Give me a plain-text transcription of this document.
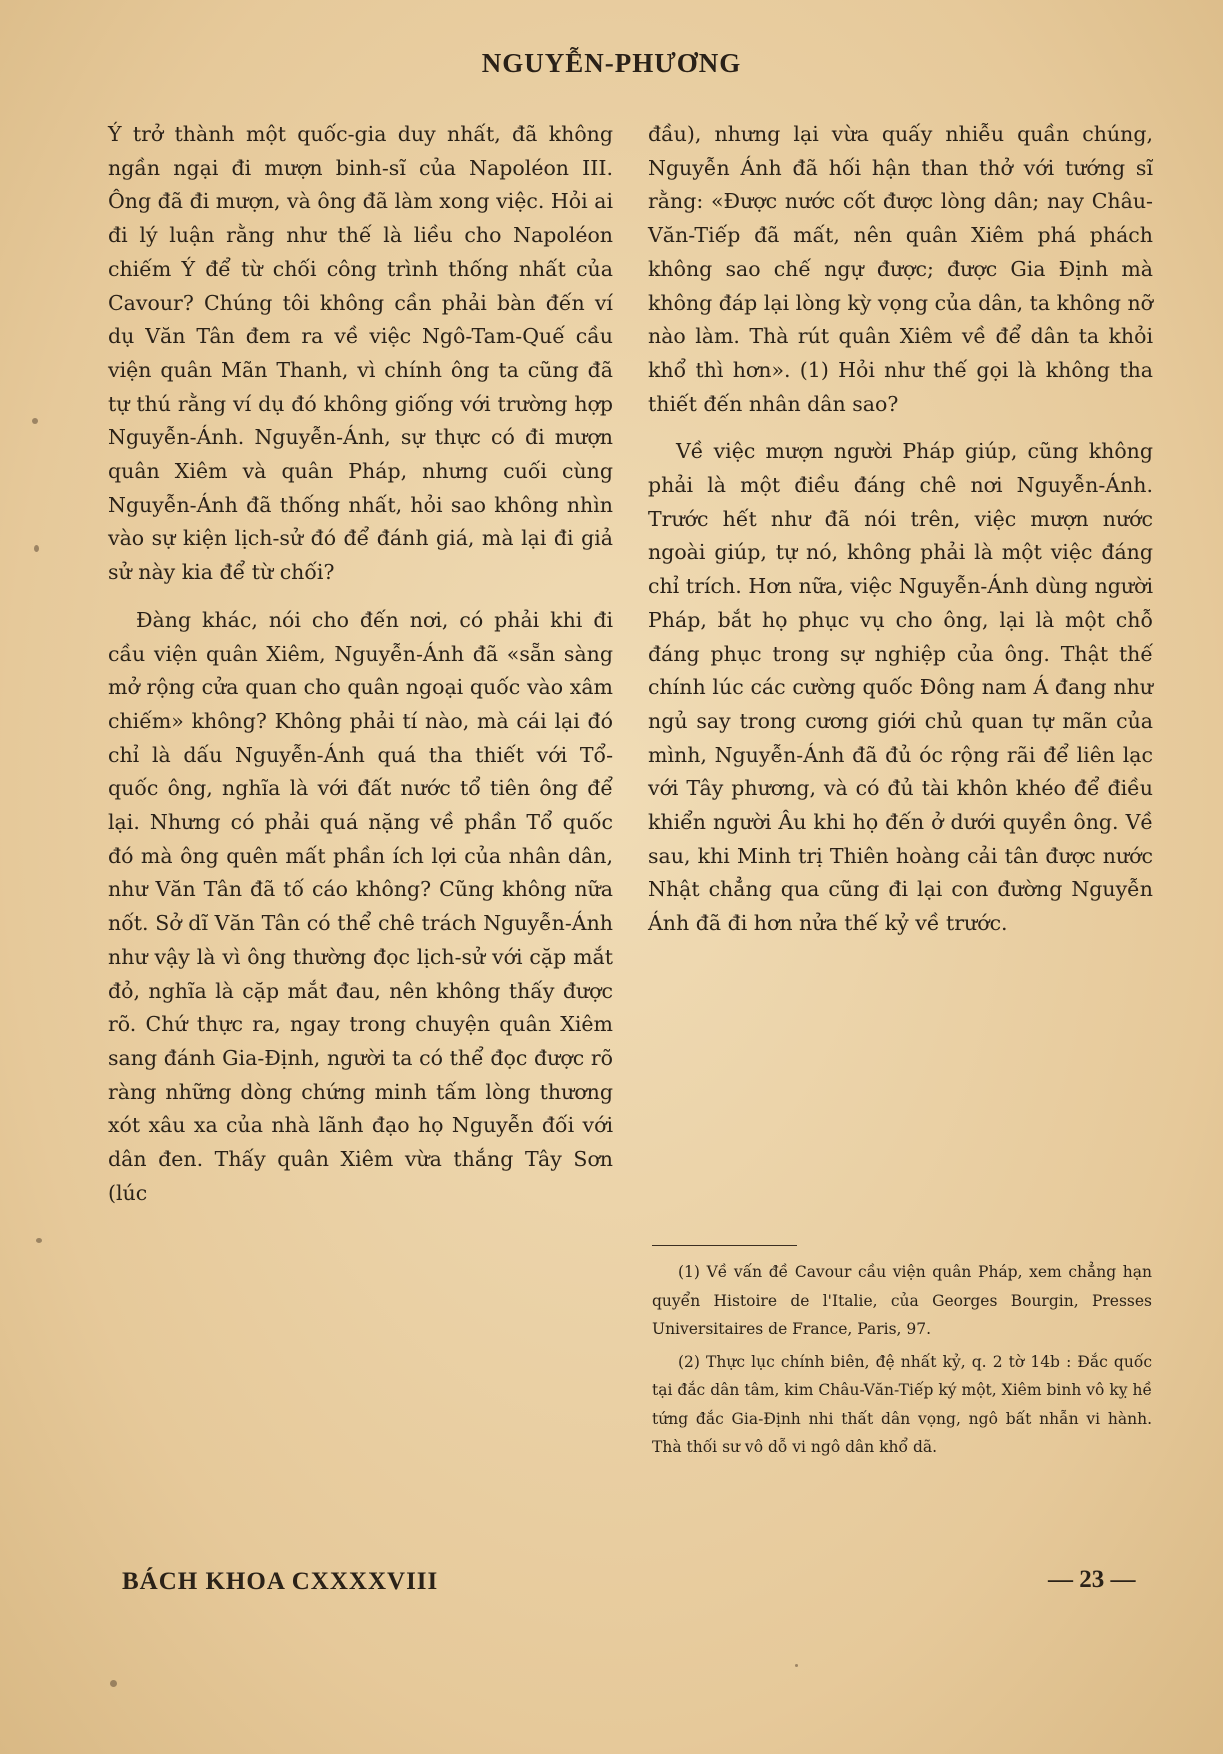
NGUYỄN-PHƯƠNG

Ý trở thành một quốc-gia duy nhất, đã không ngần ngại đi mượn binh-sĩ của Napoléon III. Ông đã đi mượn, và ông đã làm xong việc. Hỏi ai đi lý luận rằng như thế là liều cho Napoléon chiếm Ý để từ chối công trình thống nhất của Cavour? Chúng tôi không cần phải bàn đến ví dụ Văn Tân đem ra về việc Ngô-Tam-Quế cầu viện quân Mãn Thanh, vì chính ông ta cũng đã tự thú rằng ví dụ đó không giống với trường hợp Nguyễn-Ánh. Nguyễn-Ánh, sự thực có đi mượn quân Xiêm và quân Pháp, nhưng cuối cùng Nguyễn-Ánh đã thống nhất, hỏi sao không nhìn vào sự kiện lịch-sử đó để đánh giá, mà lại đi giả sử này kia để từ chối?

Đàng khác, nói cho đến nơi, có phải khi đi cầu viện quân Xiêm, Nguyễn-Ánh đã «sẵn sàng mở rộng cửa quan cho quân ngoại quốc vào xâm chiếm» không? Không phải tí nào, mà cái lại đó chỉ là dấu Nguyễn-Ánh quá tha thiết với Tổ-quốc ông, nghĩa là với đất nước tổ tiên ông để lại. Nhưng có phải quá nặng về phần Tổ quốc đó mà ông quên mất phần ích lợi của nhân dân, như Văn Tân đã tố cáo không? Cũng không nữa nốt. Sở dĩ Văn Tân có thể chê trách Nguyễn-Ánh như vậy là vì ông thường đọc lịch-sử với cặp mắt đỏ, nghĩa là cặp mắt đau, nên không thấy được rõ. Chứ thực ra, ngay trong chuyện quân Xiêm sang đánh Gia-Định, người ta có thể đọc được rõ ràng những dòng chứng minh tấm lòng thương xót xâu xa của nhà lãnh đạo họ Nguyễn đối với dân đen. Thấy quân Xiêm vừa thắng Tây Sơn (lúc

đầu), nhưng lại vừa quấy nhiễu quần chúng, Nguyễn Ánh đã hối hận than thở với tướng sĩ rằng: «Được nước cốt được lòng dân; nay Châu-Văn-Tiếp đã mất, nên quân Xiêm phá phách không sao chế ngự được; được Gia Định mà không đáp lại lòng kỳ vọng của dân, ta không nỡ nào làm. Thà rút quân Xiêm về để dân ta khỏi khổ thì hơn». (1) Hỏi như thế gọi là không tha thiết đến nhân dân sao?

Về việc mượn người Pháp giúp, cũng không phải là một điều đáng chê nơi Nguyễn-Ánh. Trước hết như đã nói trên, việc mượn nước ngoài giúp, tự nó, không phải là một việc đáng chỉ trích. Hơn nữa, việc Nguyễn-Ánh dùng người Pháp, bắt họ phục vụ cho ông, lại là một chỗ đáng phục trong sự nghiệp của ông. Thật thế chính lúc các cường quốc Đông nam Á đang như ngủ say trong cương giới chủ quan tự mãn của mình, Nguyễn-Ánh đã đủ óc rộng rãi để liên lạc với Tây phương, và có đủ tài khôn khéo để điều khiển người Âu khi họ đến ở dưới quyền ông. Về sau, khi Minh trị Thiên hoàng cải tân được nước Nhật chẳng qua cũng đi lại con đường Nguyễn Ánh đã đi hơn nửa thế kỷ về trước.

(1) Về vấn đề Cavour cầu viện quân Pháp, xem chẳng hạn quyển Histoire de l'Italie, của Georges Bourgin, Presses Universitaires de France, Paris, 97.

(2) Thực lục chính biên, đệ nhất kỷ, q. 2 tờ 14b : Đắc quốc tại đắc dân tâm, kim Châu-Văn-Tiếp ký một, Xiêm binh vô kỵ hề tứng đắc Gia-Định nhi thất dân vọng, ngô bất nhẫn vi hành. Thà thối sư vô dỗ vi ngô dân khổ dã.

BÁCH KHOA CXXXXVIII	— 23 —
